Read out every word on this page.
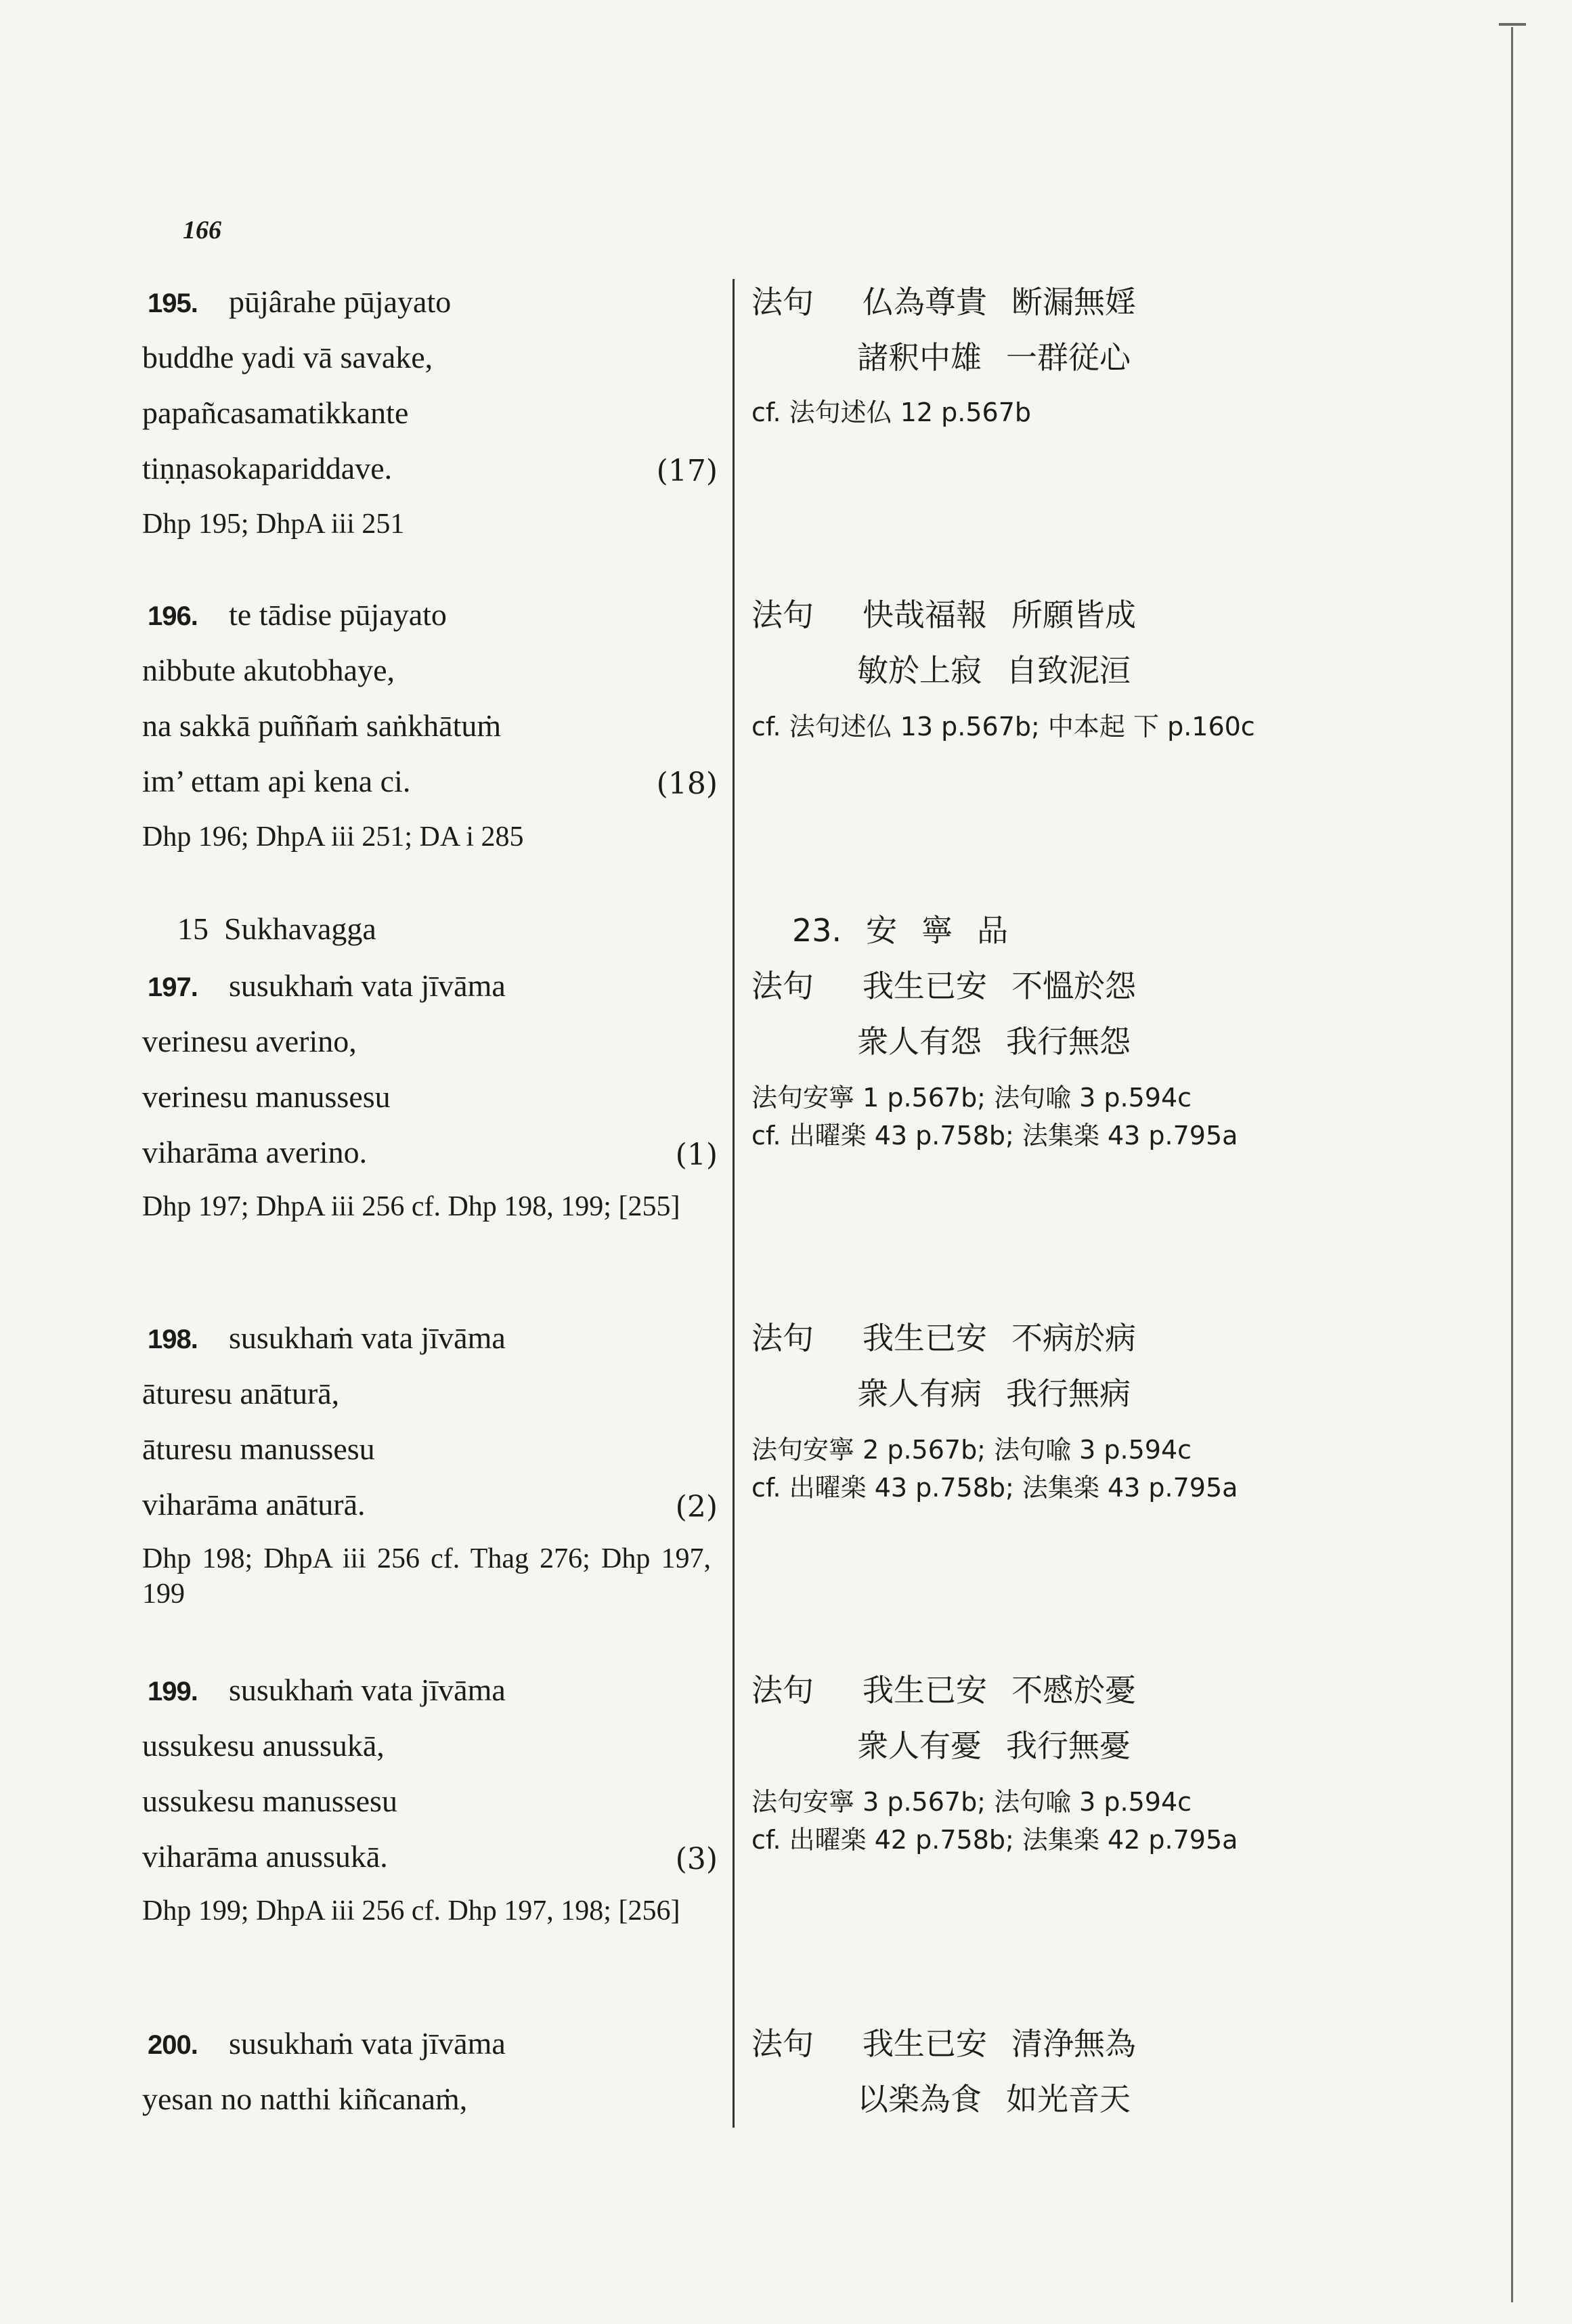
166
195. pūjârahe pūjayato
buddhe yadi vā savake,
papañcasamatikkante
tiṇṇasokapariddave.	(17)
Dhp 195; DhpA iii 251
196. te tādise pūjayato
nibbute akutobhaye,
na sakkā puññaṁ saṅkhātuṁ
im’ ettam api kena ci.	(18)
Dhp 196; DhpA iii 251; DA i 285
15  Sukhavagga
197. susukhaṁ vata jīvāma
verinesu averino,
verinesu manussesu
viharāma averino.	(1)
Dhp 197; DhpA iii 256 cf. Dhp 198, 199; [255]
198. susukhaṁ vata jīvāma
āturesu anāturā,
āturesu manussesu
viharāma anāturā.	(2)
Dhp 198; DhpA iii 256 cf. Thag 276; Dhp 197, 199
199. susukhaṁ vata jīvāma
ussukesu anussukā,
ussukesu manussesu
viharāma anussukā.	(3)
Dhp 199; DhpA iii 256 cf. Dhp 197, 198; [256]
200. susukhaṁ vata jīvāma
yesan no natthi kiñcanaṁ,
法句 仏為尊貴 断漏無婬
諸釈中雄 一群従心
cf. 法句述仏 12 p.567b
法句 快哉福報 所願皆成
敏於上寂 自致泥洹
cf. 法句述仏 13 p.567b; 中本起 下 p.160c
23. 安 寧 品
法句 我生已安 不慍於怨
衆人有怨 我行無怨
法句安寧 1 p.567b; 法句喩 3 p.594c
cf. 出曜楽 43 p.758b; 法集楽 43 p.795a
法句 我生已安 不病於病
衆人有病 我行無病
法句安寧 2 p.567b; 法句喩 3 p.594c
cf. 出曜楽 43 p.758b; 法集楽 43 p.795a
法句 我生已安 不慼於憂
衆人有憂 我行無憂
法句安寧 3 p.567b; 法句喩 3 p.594c
cf. 出曜楽 42 p.758b; 法集楽 42 p.795a
法句 我生已安 清浄無為
以楽為食 如光音天
